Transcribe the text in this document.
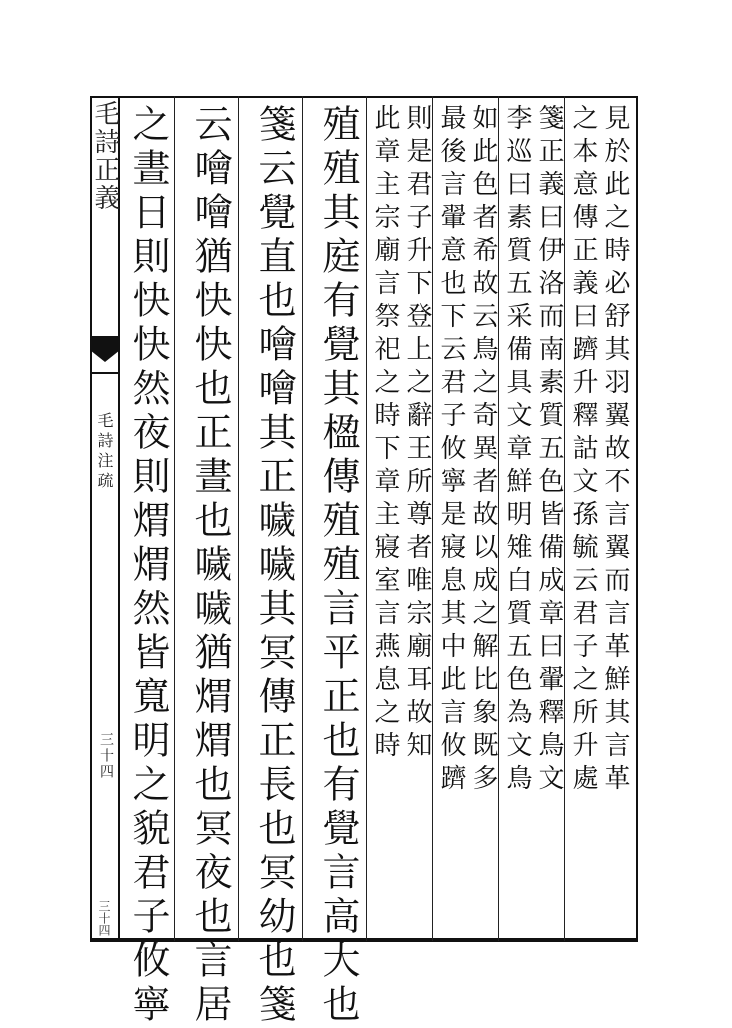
毛詩正義
毛詩注疏
三十四
三十四
見於此之時必舒其羽翼故不言翼而言革鮮其言革
之本意傳正義曰躋升釋詁文孫毓云君子之所升處
箋正義曰伊洛而南素質五色皆備成章曰翬釋鳥文
李巡曰素質五采備具文章鮮明雉白質五色為文鳥
如此色者希故云鳥之奇異者故以成之解比象既多
最後言翬意也下云君子攸寧是寢息其中此言攸躋
則是君子升下登上之辭王所尊者唯宗廟耳故知
此章主宗廟言祭祀之時下章主寢室言燕息之時
殖殖其庭有覺其楹傳殖殖言平正也有覺言高大也
箋云覺直也噲噲其正噦噦其冥傳正長也冥幼也箋
云噲噲猶快快也正晝也噦噦猶煟煟也冥夜也言居
之晝日則快快然夜則煟煟然皆寬明之貌君子攸寧
